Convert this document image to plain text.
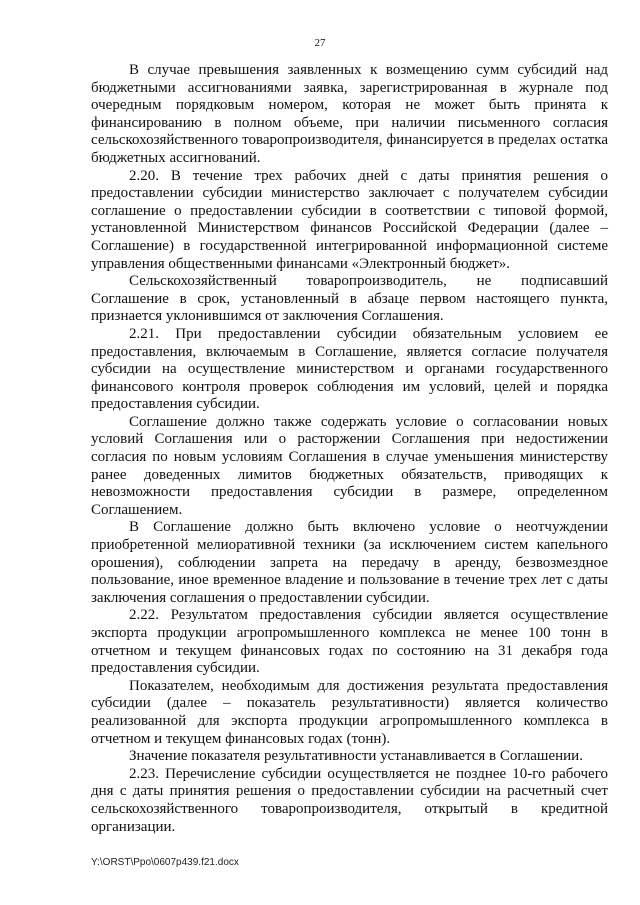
27

В случае превышения заявленных к возмещению сумм субсидий над бюджетными ассигнованиями заявка, зарегистрированная в журнале под очередным порядковым номером, которая не может быть принята к финансированию в полном объеме, при наличии письменного согласия сельскохозяйственного товаропроизводителя, финансируется в пределах остатка бюджетных ассигнований.

2.20. В течение трех рабочих дней с даты принятия решения о предоставлении субсидии министерство заключает с получателем субсидии соглашение о предоставлении субсидии в соответствии с типовой формой, установленной Министерством финансов Российской Федерации (далее – Соглашение) в государственной интегрированной информационной системе управления общественными финансами «Электронный бюджет».

Сельскохозяйственный товаропроизводитель, не подписавший Соглашение в срок, установленный в абзаце первом настоящего пункта, признается уклонившимся от заключения Соглашения.

2.21. При предоставлении субсидии обязательным условием ее предоставления, включаемым в Соглашение, является согласие получателя субсидии на осуществление министерством и органами государственного финансового контроля проверок соблюдения им условий, целей и порядка предоставления субсидии.

Соглашение должно также содержать условие о согласовании новых условий Соглашения или о расторжении Соглашения при недостижении согласия по новым условиям Соглашения в случае уменьшения министерству ранее доведенных лимитов бюджетных обязательств, приводящих к невозможности предоставления субсидии в размере, определенном Соглашением.

В Соглашение должно быть включено условие о неотчуждении приобретенной мелиоративной техники (за исключением систем капельного орошения), соблюдении запрета на передачу в аренду, безвозмездное пользование, иное временное владение и пользование в течение трех лет с даты заключения соглашения о предоставлении субсидии.

2.22. Результатом предоставления субсидии является осуществление экспорта продукции агропромышленного комплекса не менее 100 тонн в отчетном и текущем финансовых годах по состоянию на 31 декабря года предоставления субсидии.

Показателем, необходимым для достижения результата предоставления субсидии (далее – показатель результативности) является количество реализованной для экспорта продукции агропромышленного комплекса в отчетном и текущем финансовых годах (тонн).

Значение показателя результативности устанавливается в Соглашении.

2.23. Перечисление субсидии осуществляется не позднее 10-го рабочего дня с даты принятия решения о предоставлении субсидии на расчетный счет сельскохозяйственного товаропроизводителя, открытый в кредитной организации.

Y:\ORST\Ppo\0607p439.f21.docx
